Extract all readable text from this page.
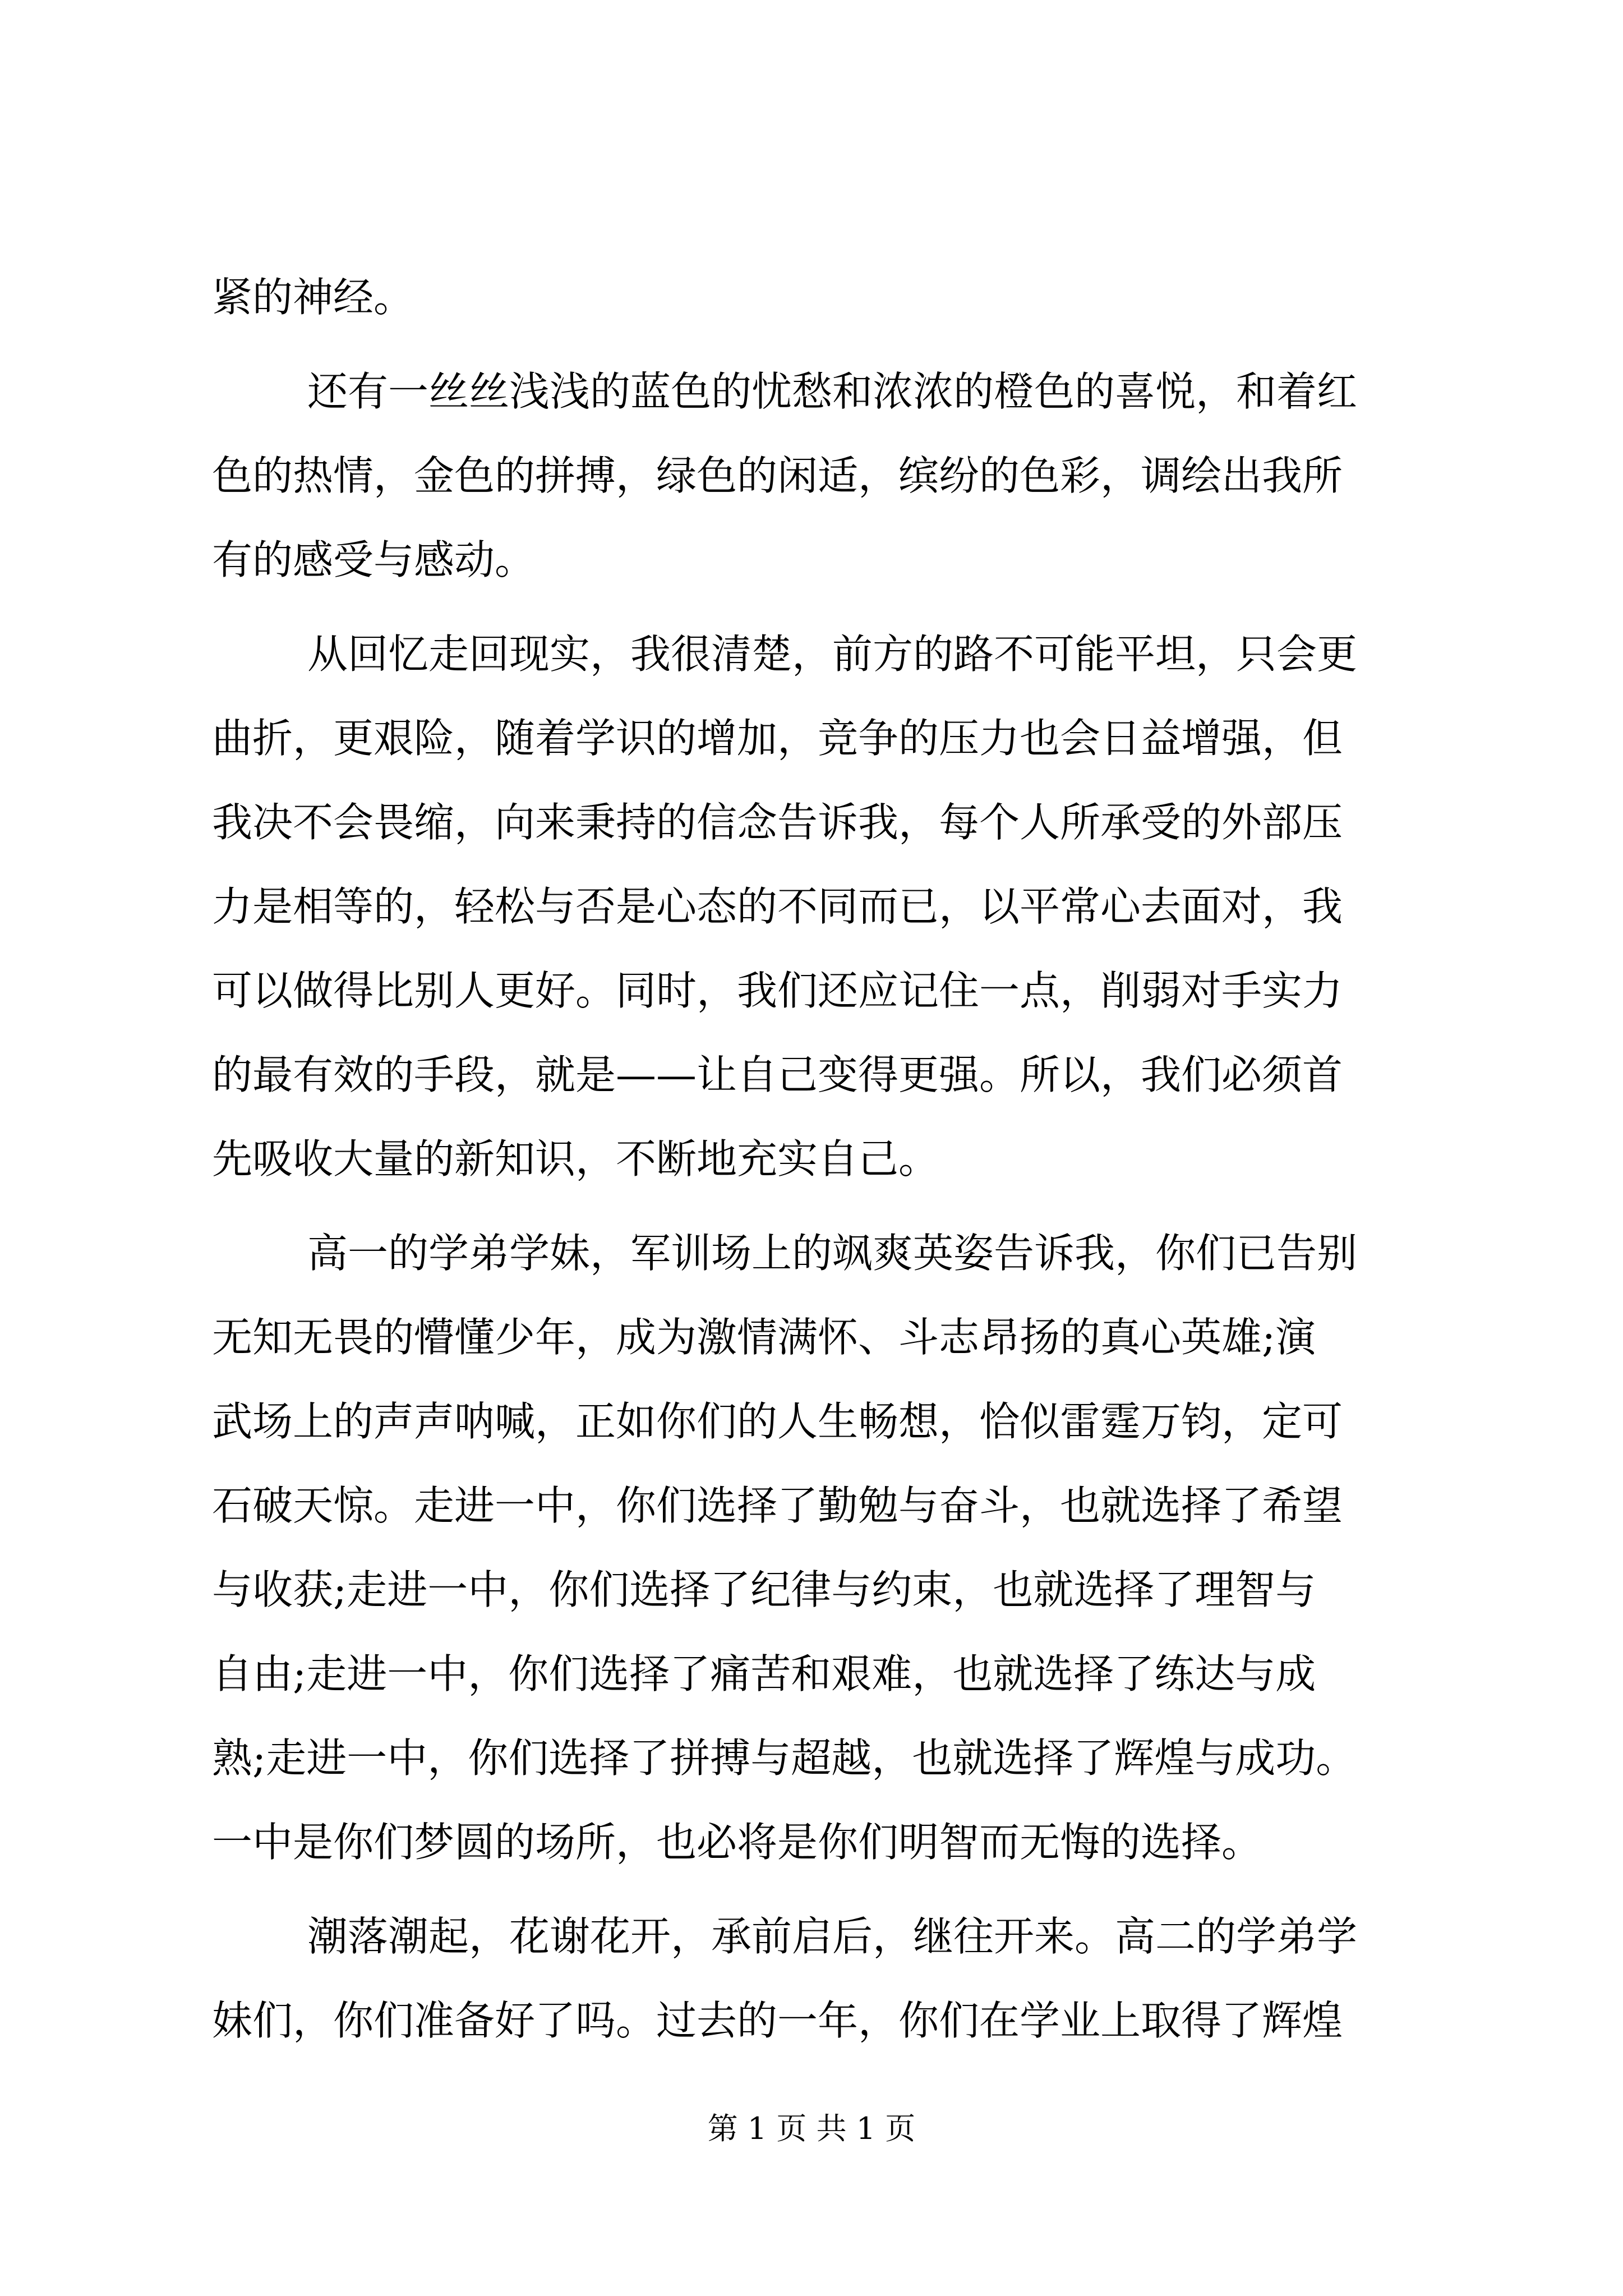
紧的神经。
还有一丝丝浅浅的蓝色的忧愁和浓浓的橙色的喜悦，和着红
色的热情，金色的拼搏，绿色的闲适，缤纷的色彩，调绘出我所
有的感受与感动。
从回忆走回现实，我很清楚，前方的路不可能平坦，只会更
曲折，更艰险，随着学识的增加，竞争的压力也会日益增强，但
我决不会畏缩，向来秉持的信念告诉我，每个人所承受的外部压
力是相等的，轻松与否是心态的不同而已，以平常心去面对，我
可以做得比别人更好。同时，我们还应记住一点，削弱对手实力
的最有效的手段，就是——让自己变得更强。所以，我们必须首
先吸收大量的新知识，不断地充实自己。
高一的学弟学妹，军训场上的飒爽英姿告诉我，你们已告别
无知无畏的懵懂少年，成为激情满怀、斗志昂扬的真心英雄;演
武场上的声声呐喊，正如你们的人生畅想，恰似雷霆万钧，定可
石破天惊。走进一中，你们选择了勤勉与奋斗，也就选择了希望
与收获;走进一中，你们选择了纪律与约束，也就选择了理智与
自由;走进一中，你们选择了痛苦和艰难，也就选择了练达与成
熟;走进一中，你们选择了拼搏与超越，也就选择了辉煌与成功。
一中是你们梦圆的场所，也必将是你们明智而无悔的选择。
潮落潮起，花谢花开，承前启后，继往开来。高二的学弟学
妹们，你们准备好了吗。过去的一年，你们在学业上取得了辉煌
第 1 页 共 1 页
